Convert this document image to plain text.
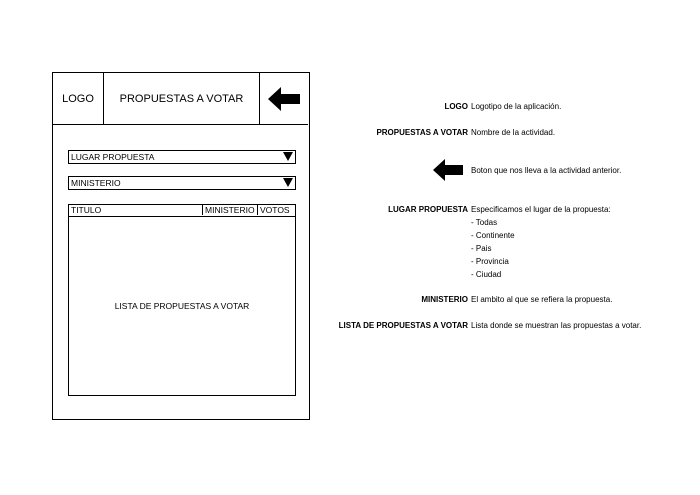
LOGO	PROPUESTAS A VOTAR
LUGAR PROPUESTA
MINISTERIO
TITULO	MINISTERIO VOTOS
LISTA DE PROPUESTAS A VOTAR
LOGO Logotipo de la aplicación.
PROPUESTAS A VOTAR Nombre de la actividad.
Boton que nos lleva a la actividad anterior.
LUGAR PROPUESTA Especificamos el lugar de la propuesta:
- Todas
- Continente
- Pais
- Provincia
- Ciudad
MINISTERIO El ambito al que se refiera la propuesta.
LISTA DE PROPUESTAS A VOTAR Lista donde se muestran las propuestas a votar.
